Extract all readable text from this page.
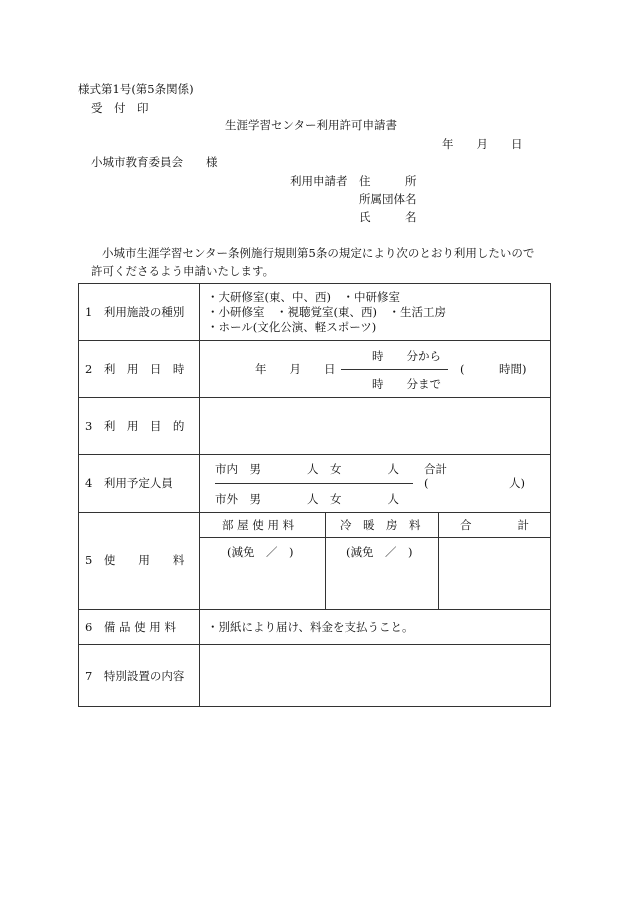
様式第1号(第5条関係)
受　付　印
生涯学習センター利用許可申請書
年　　月　　日
小城市教育委員会　　様
利用申請者 住　　　所
所属団体名
氏　　　名
小城市生涯学習センター条例施行規則第5条の規定により次のとおり利用したいので
許可くださるよう申請いたします。
1　利用施設の種別
・大研修室(東、中、西)　・中研修室
・小研修室　・視聴覚室(東、西)　・生活工房
・ホール(文化公演、軽スポーツ)
2　利　用　日　時	年　　月　　日
時　　分から
時　　分まで
(　　　時間)
3　利　用　目　的
4　利用予定人員
市内　男　　　　人　女　　　　人 合計
(　　　　　　　人)
市外　男　　　　人　女　　　　人
5　使　　用　　料
部 屋 使 用 料	冷　暖　房　料	合　　　　計
(減免　／　)	(減免　／　)
6　備 品 使 用 料	・別紙により届け、料金を支払うこと。
7　特別設置の内容
